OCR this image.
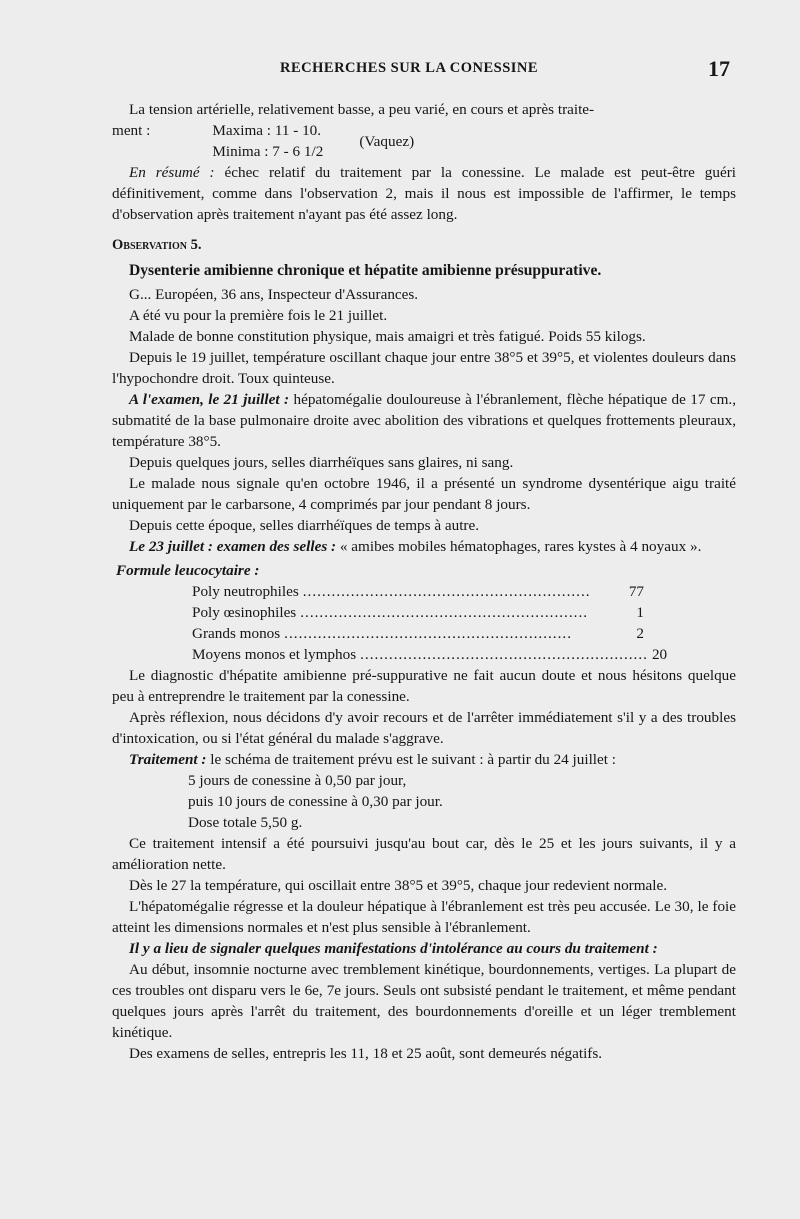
RECHERCHES SUR LA CONESSINE	17

La tension artérielle, relativement basse, a peu varié, en cours et après traite-

ment :	Maxima : 11 - 10.
Minima : 7 - 6 1/2
(Vaquez)

En résumé : échec relatif du traitement par la conessine. Le malade est peut-être guéri définitivement, comme dans l'observation 2, mais il nous est impossible de l'affirmer, le temps d'observation après traitement n'ayant pas été assez long.

Observation 5.

Dysenterie amibienne chronique et hépatite amibienne présuppurative.

G... Européen, 36 ans, Inspecteur d'Assurances.

A été vu pour la première fois le 21 juillet.

Malade de bonne constitution physique, mais amaigri et très fatigué. Poids 55 kilogs.

Depuis le 19 juillet, température oscillant chaque jour entre 38°5 et 39°5, et violentes douleurs dans l'hypochondre droit. Toux quinteuse.

A l'examen, le 21 juillet : hépatomégalie douloureuse à l'ébranlement, flèche hépatique de 17 cm., submatité de la base pulmonaire droite avec abolition des vibrations et quelques frottements pleuraux, température 38°5.

Depuis quelques jours, selles diarrhéïques sans glaires, ni sang.

Le malade nous signale qu'en octobre 1946, il a présenté un syndrome dysentérique aigu traité uniquement par le carbarsone, 4 comprimés par jour pendant 8 jours.

Depuis cette époque, selles diarrhéïques de temps à autre.

Le 23 juillet : examen des selles : « amibes mobiles hématophages, rares kystes à 4 noyaux ».

Formule leucocytaire :
Poly neutrophiles ............................................................	77
Poly œsinophiles ............................................................	1
Grands monos ............................................................	2
Moyens monos et lymphos ............................................................ 20

Le diagnostic d'hépatite amibienne pré-suppurative ne fait aucun doute et nous hésitons quelque peu à entreprendre le traitement par la conessine.

Après réflexion, nous décidons d'y avoir recours et de l'arrêter immédiatement s'il y a des troubles d'intoxication, ou si l'état général du malade s'aggrave.

Traitement : le schéma de traitement prévu est le suivant : à partir du 24 juillet :

5 jours de conessine à 0,50 par jour,
puis 10 jours de conessine à 0,30 par jour.
Dose totale 5,50 g.

Ce traitement intensif a été poursuivi jusqu'au bout car, dès le 25 et les jours suivants, il y a amélioration nette.

Dès le 27 la température, qui oscillait entre 38°5 et 39°5, chaque jour redevient normale.

L'hépatomégalie régresse et la douleur hépatique à l'ébranlement est très peu accusée. Le 30, le foie atteint les dimensions normales et n'est plus sensible à l'ébranlement.

Il y a lieu de signaler quelques manifestations d'intolérance au cours du traitement :

Au début, insomnie nocturne avec tremblement kinétique, bourdonnements, vertiges. La plupart de ces troubles ont disparu vers le 6e, 7e jours. Seuls ont subsisté pendant le traitement, et même pendant quelques jours après l'arrêt du traitement, des bourdonnements d'oreille et un léger tremblement kinétique.

Des examens de selles, entrepris les 11, 18 et 25 août, sont demeurés négatifs.
